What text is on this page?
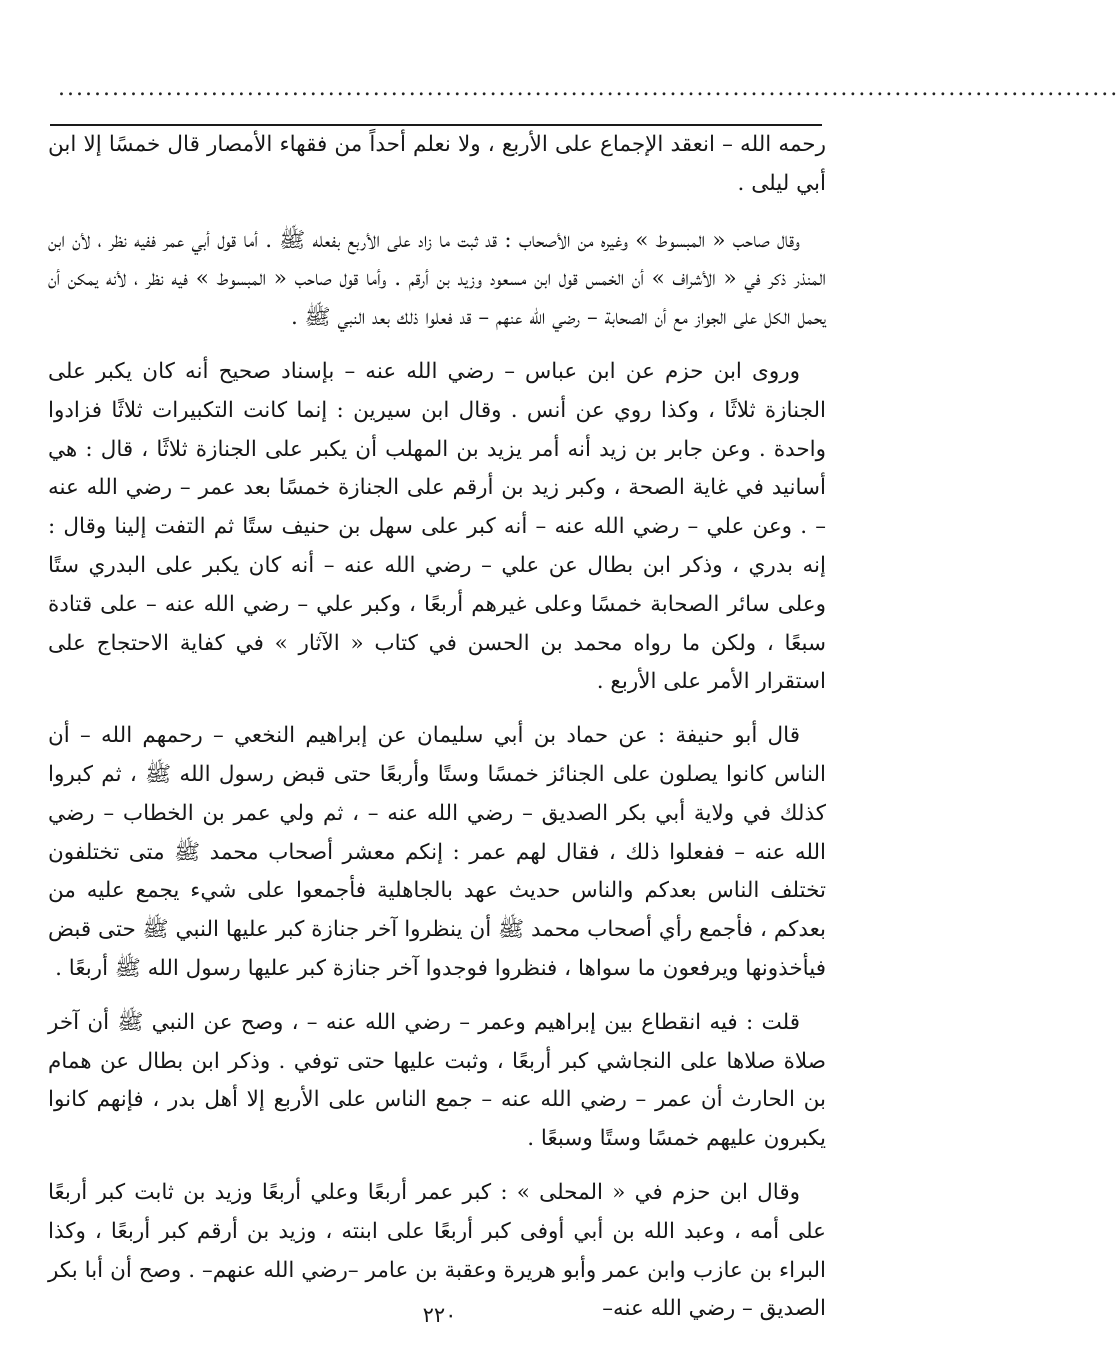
......................................................................................................................

رحمه الله – انعقد الإجماع على الأربع ، ولا نعلم أحداً من فقهاء الأمصار قال خمسًا إلا ابن أبي ليلى .

وقال صاحب « المبسوط » وغيره من الأصحاب : قد ثبت ما زاد على الأربع بفعله ﷺ . أما قول أبي عمر ففيه نظر ، لأن ابن المنذر ذكر في « الأشراف » أن الخمس قول ابن مسعود وزيد بن أرقم . وأما قول صاحب « المبسوط » فيه نظر ، لأنه يمكن أن يحمل الكل على الجواز مع أن الصحابة – رضي الله عنهم – قد فعلوا ذلك بعد النبي ﷺ .

وروى ابن حزم عن ابن عباس – رضي الله عنه – بإسناد صحيح أنه كان يكبر على الجنازة ثلاثًا ، وكذا روي عن أنس . وقال ابن سيرين : إنما كانت التكبيرات ثلاثًا فزادوا واحدة . وعن جابر بن زيد أنه أمر يزيد بن المهلب أن يكبر على الجنازة ثلاثًا ، قال : هي أسانيد في غاية الصحة ، وكبر زيد بن أرقم على الجنازة خمسًا بعد عمر – رضي الله عنه – . وعن علي – رضي الله عنه – أنه كبر على سهل بن حنيف ستًا ثم التفت إلينا وقال : إنه بدري ، وذكر ابن بطال عن علي – رضي الله عنه – أنه كان يكبر على البدري ستًا وعلى سائر الصحابة خمسًا وعلى غيرهم أربعًا ، وكبر علي – رضي الله عنه – على قتادة سبعًا ، ولكن ما رواه محمد بن الحسن في كتاب « الآثار » في كفاية الاحتجاج على استقرار الأمر على الأربع .

قال أبو حنيفة : عن حماد بن أبي سليمان عن إبراهيم النخعي – رحمهم الله – أن الناس كانوا يصلون على الجنائز خمسًا وستًا وأربعًا حتى قبض رسول الله ﷺ ، ثم كبروا كذلك في ولاية أبي بكر الصديق – رضي الله عنه – ، ثم ولي عمر بن الخطاب – رضي الله عنه – ففعلوا ذلك ، فقال لهم عمر : إنكم معشر أصحاب محمد ﷺ متى تختلفون تختلف الناس بعدكم والناس حديث عهد بالجاهلية فأجمعوا على شيء يجمع عليه من بعدكم ، فأجمع رأي أصحاب محمد ﷺ أن ينظروا آخر جنازة كبر عليها النبي ﷺ حتى قبض فيأخذونها ويرفعون ما سواها ، فنظروا فوجدوا آخر جنازة كبر عليها رسول الله ﷺ أربعًا .

قلت : فيه انقطاع بين إبراهيم وعمر – رضي الله عنه – ، وصح عن النبي ﷺ أن آخر صلاة صلاها على النجاشي كبر أربعًا ، وثبت عليها حتى توفي . وذكر ابن بطال عن همام بن الحارث أن عمر – رضي الله عنه – جمع الناس على الأربع إلا أهل بدر ، فإنهم كانوا يكبرون عليهم خمسًا وستًا وسبعًا .

وقال ابن حزم في « المحلى » : كبر عمر أربعًا وعلي أربعًا وزيد بن ثابت كبر أربعًا على أمه ، وعبد الله بن أبي أوفى كبر أربعًا على ابنته ، وزيد بن أرقم كبر أربعًا ، وكذا البراء بن عازب وابن عمر وأبو هريرة وعقبة بن عامر –رضي الله عنهم– . وصح أن أبا بكر الصديق – رضي الله عنه–

٢٢٠
